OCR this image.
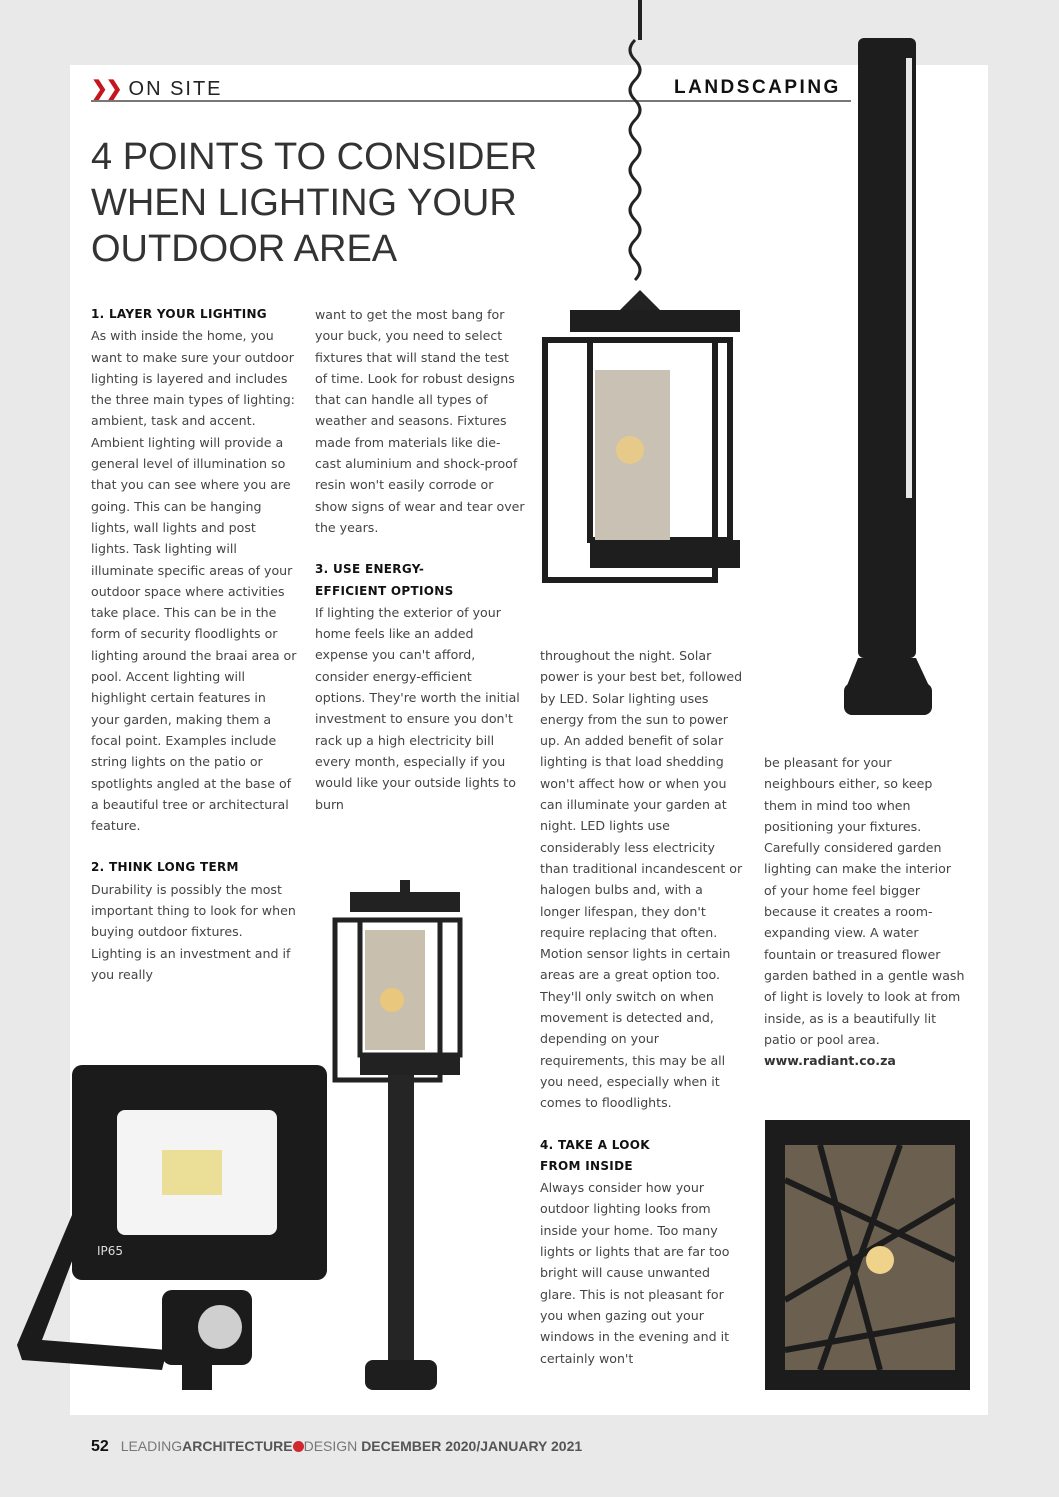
❯❯ ON SITE	LANDSCAPING
4 POINTS TO CONSIDER WHEN LIGHTING YOUR OUTDOOR AREA
IP65
1. LAYER YOUR LIGHTING

As with inside the home, you want to make sure your outdoor lighting is layered and includes the three main types of lighting: ambient, task and accent. Ambient lighting will provide a general level of illumination so that you can see where you are going. This can be hanging lights, wall lights and post lights. Task lighting will illuminate specific areas of your outdoor space where activities take place. This can be in the form of security floodlights or lighting around the braai area or pool. Accent lighting will highlight certain features in your garden, making them a focal point. Examples include string lights on the patio or spotlights angled at the base of a beautiful tree or architectural feature.

2. THINK LONG TERM

Durability is possibly the most important thing to look for when buying outdoor fixtures. Lighting is an investment and if you really

want to get the most bang for your buck, you need to select fixtures that will stand the test of time. Look for robust designs that can handle all types of weather and seasons. Fixtures made from materials like die-cast aluminium and shock-proof resin won't easily corrode or show signs of wear and tear over the years.

3. USE ENERGY-EFFICIENT OPTIONS

If lighting the exterior of your home feels like an added expense you can't afford, consider energy-efficient options. They're worth the initial investment to ensure you don't rack up a high electricity bill every month, especially if you would like your outside lights to burn

throughout the night. Solar power is your best bet, followed by LED. Solar lighting uses energy from the sun to power up. An added benefit of solar lighting is that load shedding won't affect how or when you can illuminate your garden at night. LED lights use considerably less electricity than traditional incandescent or halogen bulbs and, with a longer lifespan, they don't require replacing that often. Motion sensor lights in certain areas are a great option too. They'll only switch on when movement is detected and, depending on your requirements, this may be all you need, especially when it comes to floodlights.

4. TAKE A LOOK FROM INSIDE

Always consider how your outdoor lighting looks from inside your home. Too many lights or lights that are far too bright will cause unwanted glare. This is not pleasant for you when gazing out your windows in the evening and it certainly won't

be pleasant for your neighbours either, so keep them in mind too when positioning your fixtures. Carefully considered garden lighting can make the interior of your home feel bigger because it creates a room-expanding view. A water fountain or treasured flower garden bathed in a gentle wash of light is lovely to look at from inside, as is a beautifully lit patio or pool area.

www.radiant.co.za

52 LEADINGARCHITECTURE DESIGN DECEMBER 2020/JANUARY 2021
